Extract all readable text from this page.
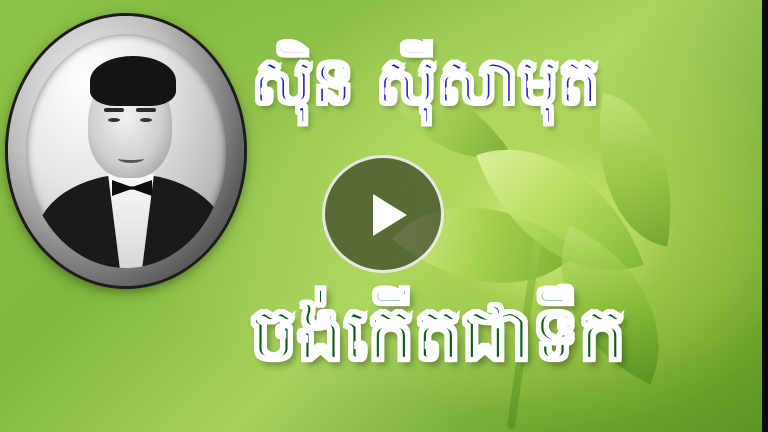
ស៊ិន ស៊ីសាមុត
ចង់កើតជាទឹក
